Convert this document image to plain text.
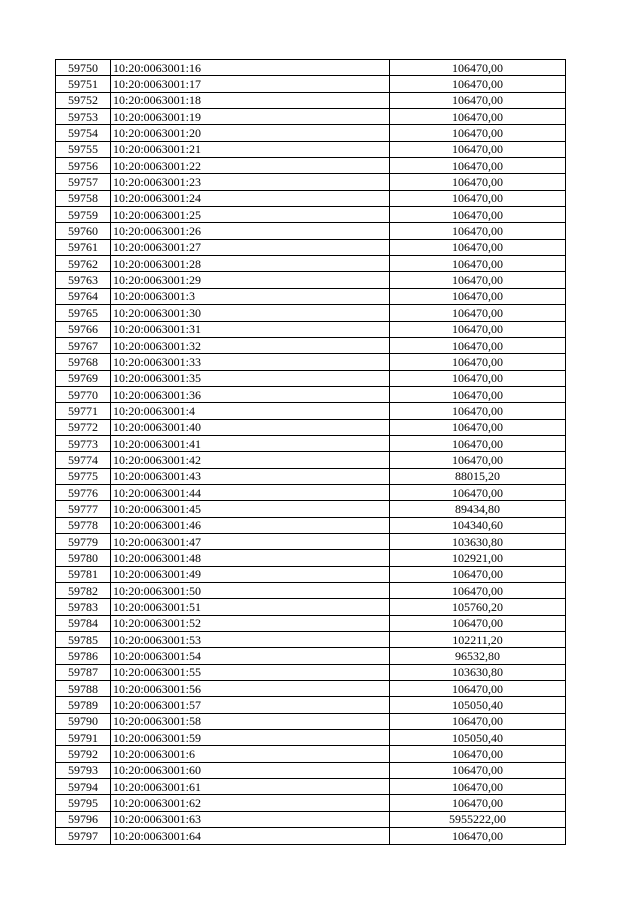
59750	10:20:0063001:16	106470,00
59751	10:20:0063001:17	106470,00
59752	10:20:0063001:18	106470,00
59753	10:20:0063001:19	106470,00
59754	10:20:0063001:20	106470,00
59755	10:20:0063001:21	106470,00
59756	10:20:0063001:22	106470,00
59757	10:20:0063001:23	106470,00
59758	10:20:0063001:24	106470,00
59759	10:20:0063001:25	106470,00
59760	10:20:0063001:26	106470,00
59761	10:20:0063001:27	106470,00
59762	10:20:0063001:28	106470,00
59763	10:20:0063001:29	106470,00
59764	10:20:0063001:3	106470,00
59765	10:20:0063001:30	106470,00
59766	10:20:0063001:31	106470,00
59767	10:20:0063001:32	106470,00
59768	10:20:0063001:33	106470,00
59769	10:20:0063001:35	106470,00
59770	10:20:0063001:36	106470,00
59771	10:20:0063001:4	106470,00
59772	10:20:0063001:40	106470,00
59773	10:20:0063001:41	106470,00
59774	10:20:0063001:42	106470,00
59775	10:20:0063001:43	88015,20
59776	10:20:0063001:44	106470,00
59777	10:20:0063001:45	89434,80
59778	10:20:0063001:46	104340,60
59779	10:20:0063001:47	103630,80
59780	10:20:0063001:48	102921,00
59781	10:20:0063001:49	106470,00
59782	10:20:0063001:50	106470,00
59783	10:20:0063001:51	105760,20
59784	10:20:0063001:52	106470,00
59785	10:20:0063001:53	102211,20
59786	10:20:0063001:54	96532,80
59787	10:20:0063001:55	103630,80
59788	10:20:0063001:56	106470,00
59789	10:20:0063001:57	105050,40
59790	10:20:0063001:58	106470,00
59791	10:20:0063001:59	105050,40
59792	10:20:0063001:6	106470,00
59793	10:20:0063001:60	106470,00
59794	10:20:0063001:61	106470,00
59795	10:20:0063001:62	106470,00
59796	10:20:0063001:63	5955222,00
59797	10:20:0063001:64	106470,00
